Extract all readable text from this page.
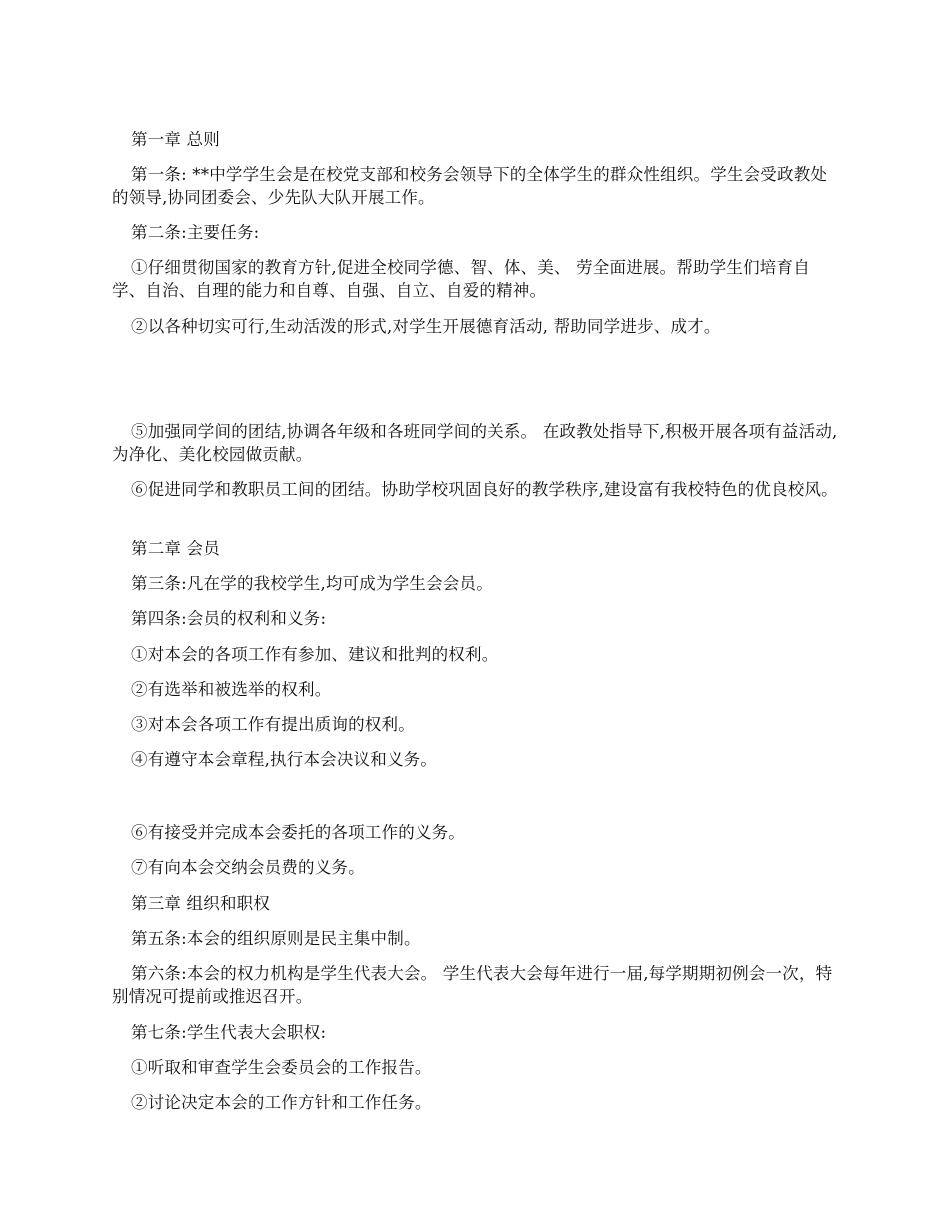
第一章 总则

第一条: **中学学生会是在校党支部和校务会领导下的全体学生的群众性组织。学生会受政教处的领导,协同团委会、少先队大队开展工作。

第二条:主要任务:

①仔细贯彻国家的教育方针,促进全校同学德、智、体、美、 劳全面进展。帮助学生们培育自学、自治、自理的能力和自尊、自强、自立、自爱的精神。

②以各种切实可行,生动活泼的形式,对学生开展德育活动, 帮助同学进步、成才。

⑤加强同学间的团结,协调各年级和各班同学间的关系。 在政教处指导下,积极开展各项有益活动,为净化、美化校园做贡献。

⑥促进同学和教职员工间的团结。协助学校巩固良好的教学秩序,建设富有我校特色的优良校风。

第二章 会员

第三条:凡在学的我校学生,均可成为学生会会员。

第四条:会员的权利和义务:

①对本会的各项工作有参加、建议和批判的权利。

②有选举和被选举的权利。

③对本会各项工作有提出质询的权利。

④有遵守本会章程,执行本会决议和义务。

⑥有接受并完成本会委托的各项工作的义务。

⑦有向本会交纳会员费的义务。

第三章 组织和职权

第五条:本会的组织原则是民主集中制。

第六条:本会的权力机构是学生代表大会。 学生代表大会每年进行一届,每学期期初例会一次，特别情况可提前或推迟召开。

第七条:学生代表大会职权:

①听取和审查学生会委员会的工作报告。

②讨论决定本会的工作方针和工作任务。
